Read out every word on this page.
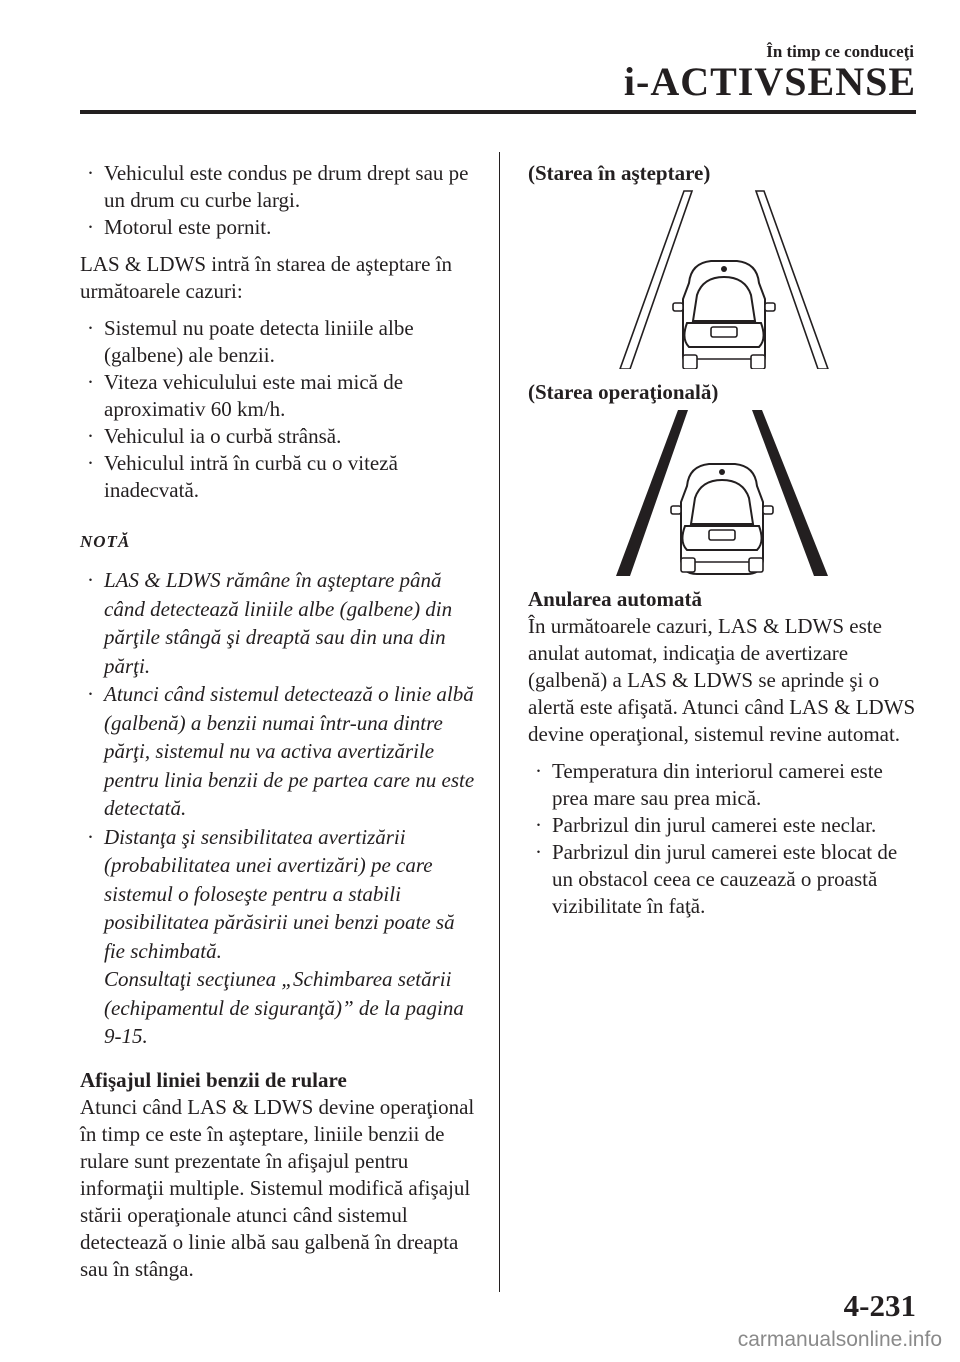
În timp ce conduceţi
i-ACTIVSENSE
· Vehiculul este condus pe drum drept sau pe un drum cu curbe largi.
· Motorul este pornit.
LAS & LDWS intră în starea de aşteptare în următoarele cazuri:
· Sistemul nu poate detecta liniile albe (galbene) ale benzii.
· Viteza vehiculului este mai mică de aproximativ 60 km/h.
· Vehiculul ia o curbă strânsă.
· Vehiculul intră în curbă cu o viteză inadecvată.
NOTĂ
· LAS & LDWS rămâne în aşteptare până când detectează liniile albe (galbene) din părţile stângă şi dreaptă sau din una din părţi.
· Atunci când sistemul detectează o linie albă (galbenă) a benzii numai într-una dintre părţi, sistemul nu va activa avertizările pentru linia benzii de pe partea care nu este detectată.
· Distanţa şi sensibilitatea avertizării (probabilitatea unei avertizări) pe care sistemul o foloseşte pentru a stabili posibilitatea părăsirii unei benzi poate să fie schimbată.
Consultaţi secţiunea „Schimbarea setării (echipamentul de siguranţă)” de la pagina 9-15.
Afişajul liniei benzii de rulare
Atunci când LAS & LDWS devine operaţional în timp ce este în aşteptare, liniile benzii de rulare sunt prezentate în afişajul pentru informaţii multiple. Sistemul modifică afişajul stării operaţionale atunci când sistemul detectează o linie albă sau galbenă în dreapta sau în stânga.
(Starea în aşteptare)
(Starea operaţională)
Anularea automată
În următoarele cazuri, LAS & LDWS este anulat automat, indicaţia de avertizare (galbenă) a LAS & LDWS se aprinde şi o alertă este afişată. Atunci când LAS & LDWS devine operaţional, sistemul revine automat.
· Temperatura din interiorul camerei este prea mare sau prea mică.
· Parbrizul din jurul camerei este neclar.
· Parbrizul din jurul camerei este blocat de un obstacol ceea ce cauzează o proastă vizibilitate în faţă.
4-231
carmanualsonline.info
